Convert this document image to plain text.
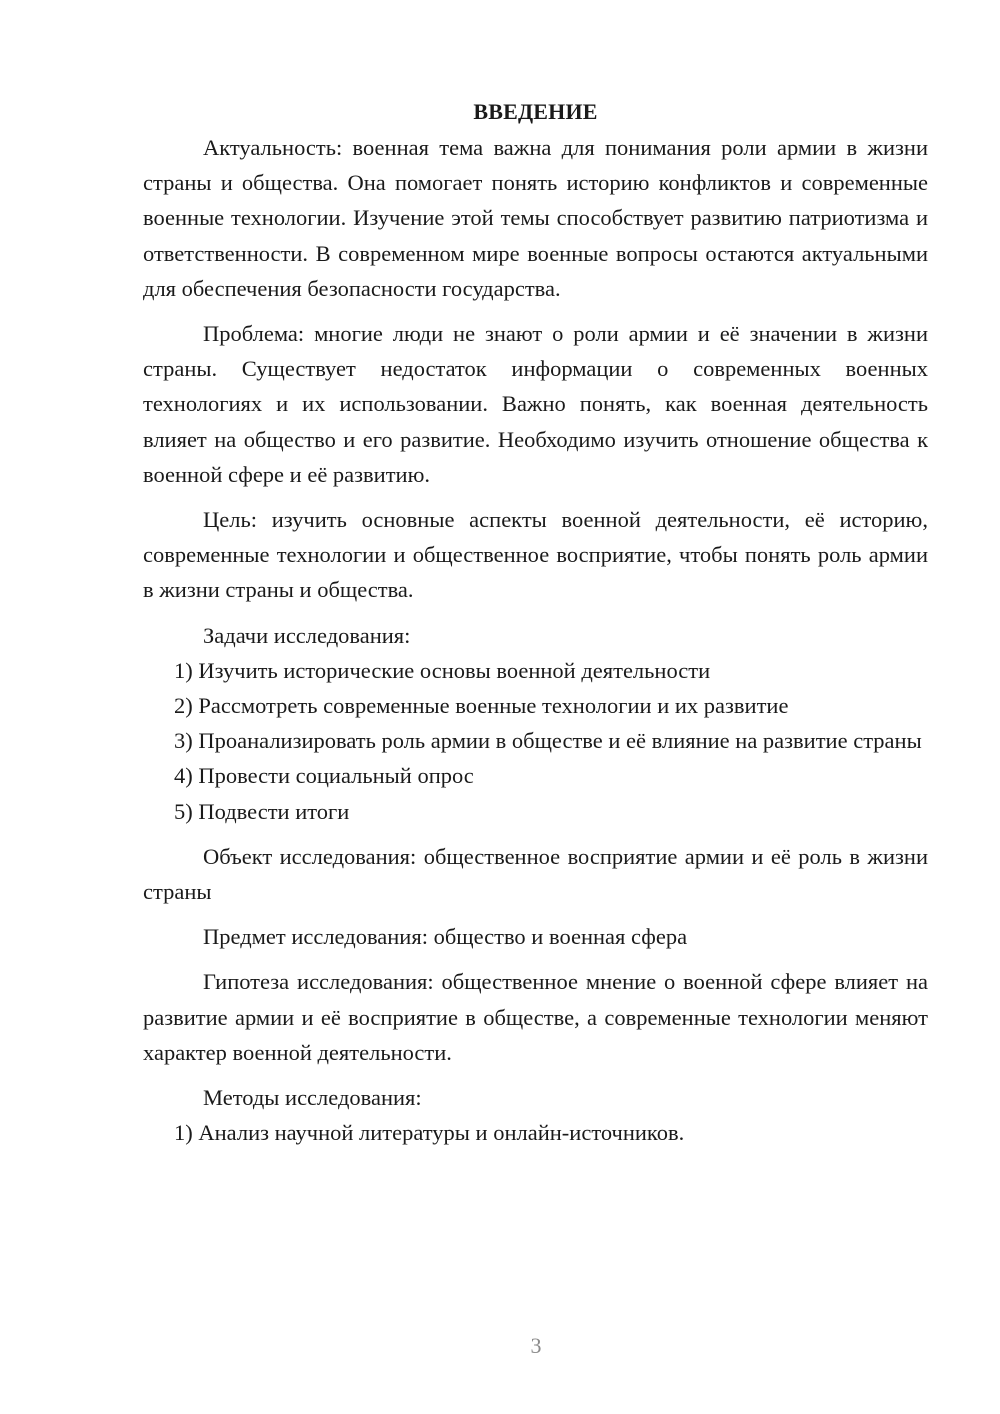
ВВЕДЕНИЕ

Актуальность: военная тема важна для понимания роли армии в жизни страны и общества. Она помогает понять историю конфликтов и современные военные технологии. Изучение этой темы способствует развитию патриотизма и ответственности. В современном мире военные вопросы остаются актуальными для обеспечения безопасности государства.

Проблема: многие люди не знают о роли армии и её значении в жизни страны. Существует недостаток информации о современных военных технологиях и их использовании. Важно понять, как военная деятельность влияет на общество и его развитие. Необходимо изучить отношение общества к военной сфере и её развитию.

Цель: изучить основные аспекты военной деятельности, её историю, современные технологии и общественное восприятие, чтобы понять роль армии в жизни страны и общества.

Задачи исследования:

1) Изучить исторические основы военной деятельности

2) Рассмотреть современные военные технологии и их развитие

3) Проанализировать роль армии в обществе и её влияние на развитие страны

4) Провести социальный опрос

5) Подвести итоги

Объект исследования: общественное восприятие армии и её роль в жизни страны

Предмет исследования: общество и военная сфера

Гипотеза исследования: общественное мнение о военной сфере влияет на развитие армии и её восприятие в обществе, а современные технологии меняют характер военной деятельности.

Методы исследования:

1) Анализ научной литературы и онлайн-источников.

3
